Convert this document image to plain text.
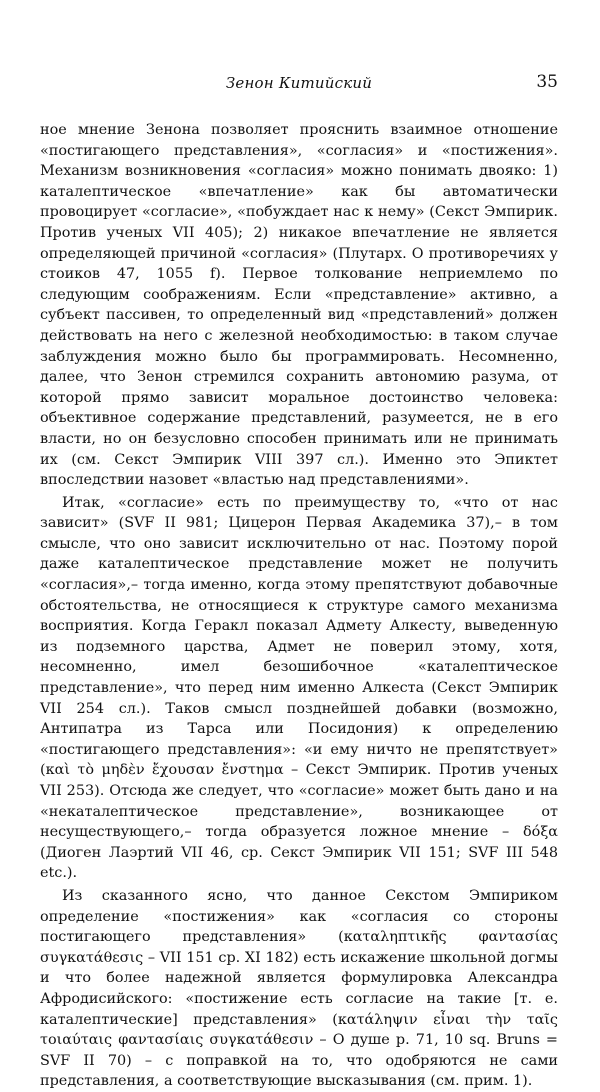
Зенон Китийский	35

ное мнение Зенона позволяет прояснить взаимное отношение «постигающего представления», «согласия» и «постижения». Механизм возникновения «согласия» можно понимать двояко: 1) каталептическое «впечатление» как бы автоматически провоцирует «согласие», «побуждает нас к нему» (Секст Эмпирик. Против ученых VII 405); 2) никакое впечатление не является определяющей причиной «согласия» (Плутарх. О противоречиях у стоиков 47, 1055 f). Первое толкование неприемлемо по следующим соображениям. Если «представление» активно, а субъект пассивен, то определенный вид «представлений» должен действовать на него с железной необходимостью: в таком случае заблуждения можно было бы программировать. Несомненно, далее, что Зенон стремился сохранить автономию разума, от которой прямо зависит моральное достоинство человека: объективное содержание представлений, разумеется, не в его власти, но он безусловно способен принимать или не принимать их (см. Секст Эмпирик VIII 397 сл.). Именно это Эпиктет впоследствии назовет «властью над представлениями».

Итак, «согласие» есть по преимуществу то, «что от нас зависит» (SVF II 981; Цицерон Первая Академика 37),– в том смысле, что оно зависит исключительно от нас. Поэтому порой даже каталептическое представление может не получить «согласия»,– тогда именно, когда этому препятствуют добавочные обстоятельства, не относящиеся к структуре самого механизма восприятия. Когда Геракл показал Адмету Алкесту, выведенную из подземного царства, Адмет не поверил этому, хотя, несомненно, имел безошибочное «каталептическое представление», что перед ним именно Алкеста (Секст Эмпирик VII 254 сл.). Таков смысл позднейшей добавки (возможно, Антипатра из Тарса или Посидония) к определению «постигающего представления»: «и ему ничто не препятствует» (καὶ τὸ μηδὲν ἔχουσαν ἔνστημα – Секст Эмпирик. Против ученых VII 253). Отсюда же следует, что «согласие» может быть дано и на «некаталептическое представление», возникающее от несуществующего,– тогда образуется ложное мнение – δόξα (Диоген Лаэртий VII 46, ср. Секст Эмпирик VII 151; SVF III 548 etc.).

Из сказанного ясно, что данное Секстом Эмпириком определение «постижения» как «согласия со стороны постигающего представления» (καταληπτικῆς φαντασίας συγκατάθεσις – VII 151 ср. XI 182) есть искажение школьной догмы и что более надежной является формулировка Александра Афродисийского: «постижение есть согласие на такие [т. е. каталептические] представления» (κατάληψιν εἶναι τὴν ταῖς τοιαύταις φαντασίαις συγκατάθεσιν – О душе р. 71, 10 sq. Bruns = SVF II 70) – с поправкой на то, что одобряются не сами представления, а соответствующие высказывания (см. прим. 1).
